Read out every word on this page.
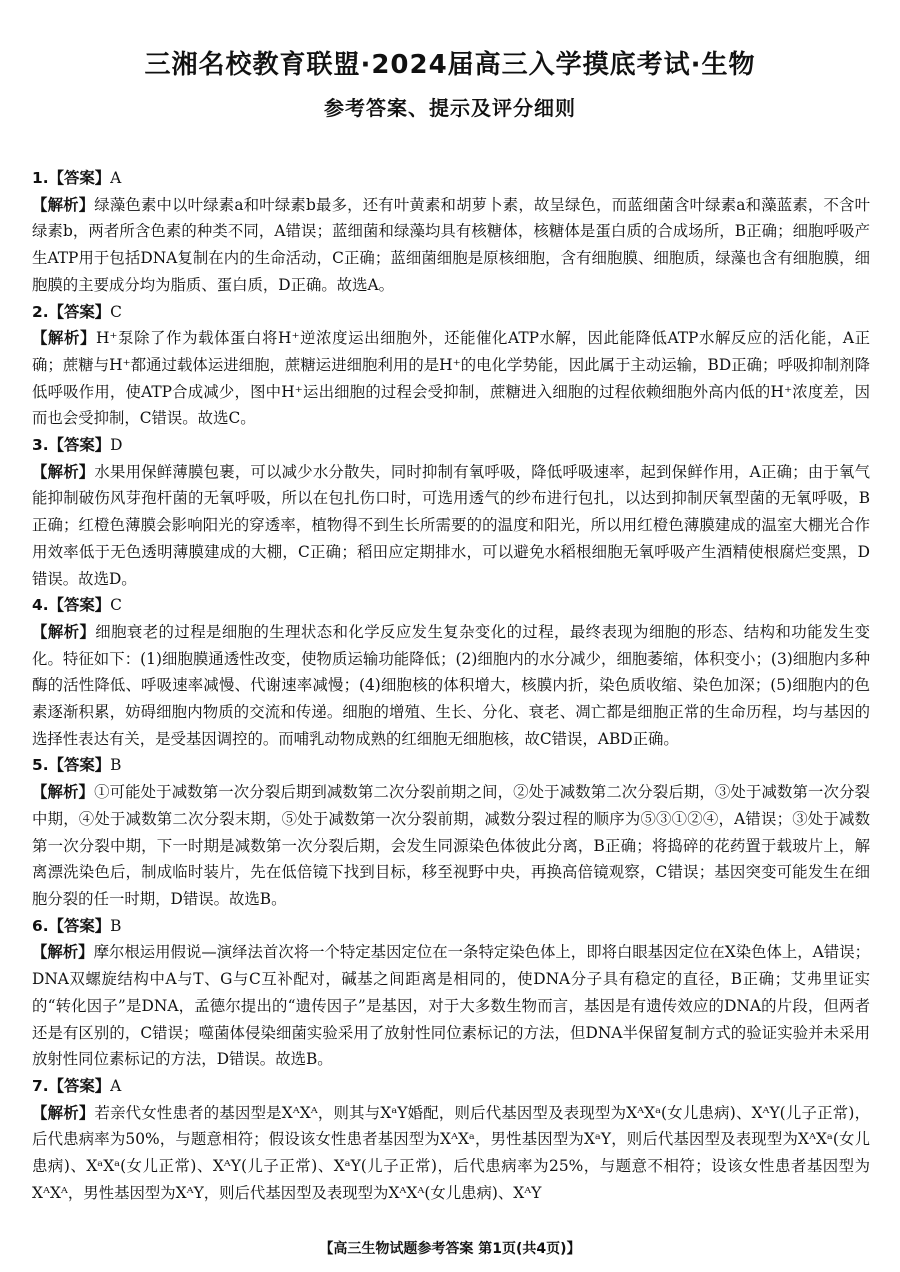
三湘名校教育联盟·2024届高三入学摸底考试·生物
参考答案、提示及评分细则
1.【答案】A
【解析】绿藻色素中以叶绿素a和叶绿素b最多，还有叶黄素和胡萝卜素，故呈绿色，而蓝细菌含叶绿素a和藻蓝素，不含叶绿素b，两者所含色素的种类不同，A错误；蓝细菌和绿藻均具有核糖体，核糖体是蛋白质的合成场所，B正确；细胞呼吸产生ATP用于包括DNA复制在内的生命活动，C正确；蓝细菌细胞是原核细胞，含有细胞膜、细胞质，绿藻也含有细胞膜，细胞膜的主要成分均为脂质、蛋白质，D正确。故选A。
2.【答案】C
【解析】H⁺泵除了作为载体蛋白将H⁺逆浓度运出细胞外，还能催化ATP水解，因此能降低ATP水解反应的活化能，A正确；蔗糖与H⁺都通过载体运进细胞，蔗糖运进细胞利用的是H⁺的电化学势能，因此属于主动运输，BD正确；呼吸抑制剂降低呼吸作用，使ATP合成减少，图中H⁺运出细胞的过程会受抑制，蔗糖进入细胞的过程依赖细胞外高内低的H⁺浓度差，因而也会受抑制，C错误。故选C。
3.【答案】D
【解析】水果用保鲜薄膜包裹，可以减少水分散失，同时抑制有氧呼吸，降低呼吸速率，起到保鲜作用，A正确；由于氧气能抑制破伤风芽孢杆菌的无氧呼吸，所以在包扎伤口时，可选用透气的纱布进行包扎，以达到抑制厌氧型菌的无氧呼吸，B正确；红橙色薄膜会影响阳光的穿透率，植物得不到生长所需要的的温度和阳光，所以用红橙色薄膜建成的温室大棚光合作用效率低于无色透明薄膜建成的大棚，C正确；稻田应定期排水，可以避免水稻根细胞无氧呼吸产生酒精使根腐烂变黑，D错误。故选D。
4.【答案】C
【解析】细胞衰老的过程是细胞的生理状态和化学反应发生复杂变化的过程，最终表现为细胞的形态、结构和功能发生变化。特征如下：(1)细胞膜通透性改变，使物质运输功能降低；(2)细胞内的水分减少，细胞萎缩，体积变小；(3)细胞内多种酶的活性降低、呼吸速率减慢、代谢速率减慢；(4)细胞核的体积增大，核膜内折，染色质收缩、染色加深；(5)细胞内的色素逐渐积累，妨碍细胞内物质的交流和传递。细胞的增殖、生长、分化、衰老、凋亡都是细胞正常的生命历程，均与基因的选择性表达有关，是受基因调控的。而哺乳动物成熟的红细胞无细胞核，故C错误，ABD正确。
5.【答案】B
【解析】①可能处于减数第一次分裂后期到减数第二次分裂前期之间，②处于减数第二次分裂后期，③处于减数第一次分裂中期，④处于减数第二次分裂末期，⑤处于减数第一次分裂前期，减数分裂过程的顺序为⑤③①②④，A错误；③处于减数第一次分裂中期，下一时期是减数第一次分裂后期，会发生同源染色体彼此分离，B正确；将捣碎的花药置于载玻片上，解离漂洗染色后，制成临时装片，先在低倍镜下找到目标，移至视野中央，再换高倍镜观察，C错误；基因突变可能发生在细胞分裂的任一时期，D错误。故选B。
6.【答案】B
【解析】摩尔根运用假说—演绎法首次将一个特定基因定位在一条特定染色体上，即将白眼基因定位在X染色体上，A错误；DNA双螺旋结构中A与T、G与C互补配对，碱基之间距离是相同的，使DNA分子具有稳定的直径，B正确；艾弗里证实的“转化因子”是DNA，孟德尔提出的“遗传因子”是基因，对于大多数生物而言，基因是有遗传效应的DNA的片段，但两者还是有区别的，C错误；噬菌体侵染细菌实验采用了放射性同位素标记的方法，但DNA半保留复制方式的验证实验并未采用放射性同位素标记的方法，D错误。故选B。
7.【答案】A
【解析】若亲代女性患者的基因型是XᴬXᴬ，则其与XᵃY婚配，则后代基因型及表现型为XᴬXᵃ(女儿患病)、XᴬY(儿子正常)，后代患病率为50%，与题意相符；假设该女性患者基因型为XᴬXᵃ，男性基因型为XᵃY，则后代基因型及表现型为XᴬXᵃ(女儿患病)、XᵃXᵃ(女儿正常)、XᴬY(儿子正常)、XᵃY(儿子正常)，后代患病率为25%，与题意不相符；设该女性患者基因型为XᴬXᴬ，男性基因型为XᴬY，则后代基因型及表现型为XᴬXᴬ(女儿患病)、XᴬY
【高三生物试题参考答案 第1页(共4页)】
